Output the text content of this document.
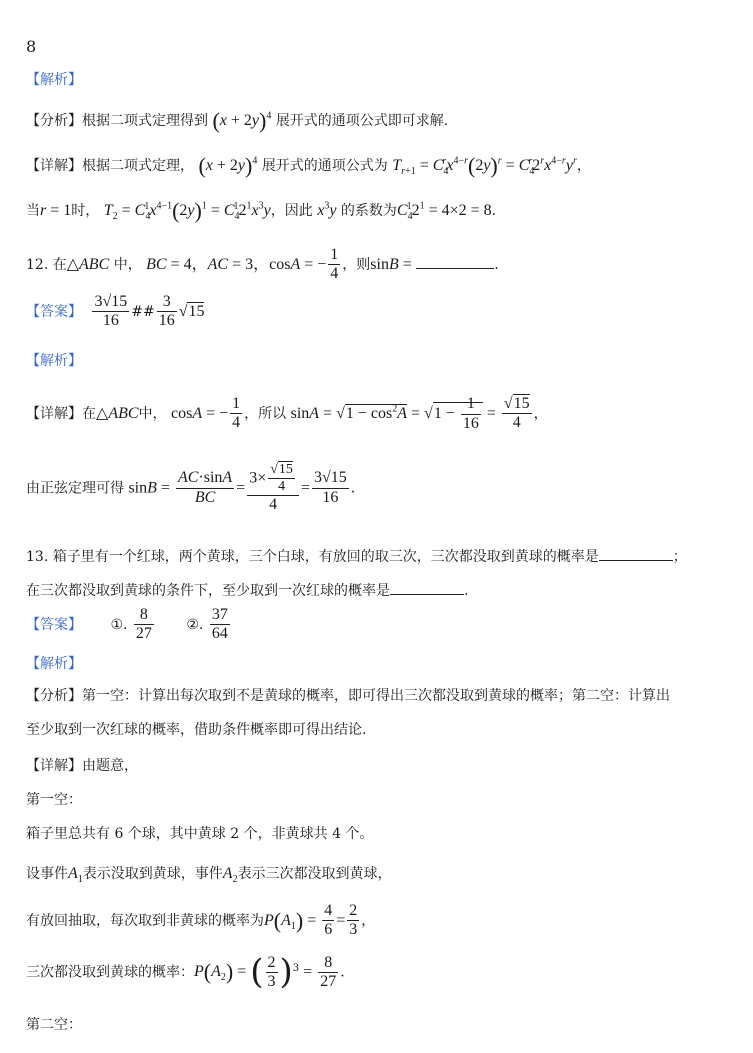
8
【解析】
【分析】根据二项式定理得到 $(x + 2y)^4$ 展开式的通项公式即可求解.
【详解】根据二项式定理， $(x + 2y)^4$ 展开式的通项公式为 $T_{r+1} = C_4^rx^{4-r}(2y)^r = C_4^r2^rx^{4-r}y^r$，
当r = 1时， $T_2 = C_4^1x^{4-1}(2y)^1 = C_4^12^1x^3y$，因此 $x^3y$ 的系数为$C_4^12^1 = 4\times 2 = 8$.
12. 在△ABC 中， BC = 4，AC = 3，cosA = − $\frac{1}{4}$ ，则sinB =	.
【答案】 $\frac{3√15}{16}$ ## $\frac{3}{16} √15$
【解析】
【详解】在△ABC中， cosA = − $\frac{1}{4}$ ，所以 $\sin A = √1 - \cos^2A = √1 - \frac{1}{16} = \frac{√15}{4}$ ，
由正弦定理可得 $\sin B = \frac{AC\cdot\sin A}{BC} = \frac{3\times \frac{√15}{4}}{4} = \frac{3√15}{16}$ .
13. 箱子里有一个红球，两个黄球，三个白球，有放回的取三次，三次都没取到黄球的概率是	；
在三次都没取到黄球的条件下，至少取到一次红球的概率是	.
【答案】 ①. $\frac{8}{27}$ ②. $\frac{37}{64}$
【解析】
【分析】第一空：计算出每次取到不是黄球的概率，即可得出三次都没取到黄球的概率；第二空：计算出
至少取到一次红球的概率，借助条件概率即可得出结论.
【详解】由题意，
第一空：
箱子里总共有 6 个球，其中黄球 2 个，非黄球共 4 个。
设事件$A_1$表示没取到黄球，事件$A_2$表示三次都没取到黄球，
有放回抽取，每次取到非黄球的概率为$P(A_1) = \frac{4}{6} = \frac{2}{3}$ ，
三次都没取到黄球的概率：$P(A_2)$ = ( $\frac{2}{3} )^3 = \frac{8}{27}$ .
第二空：
